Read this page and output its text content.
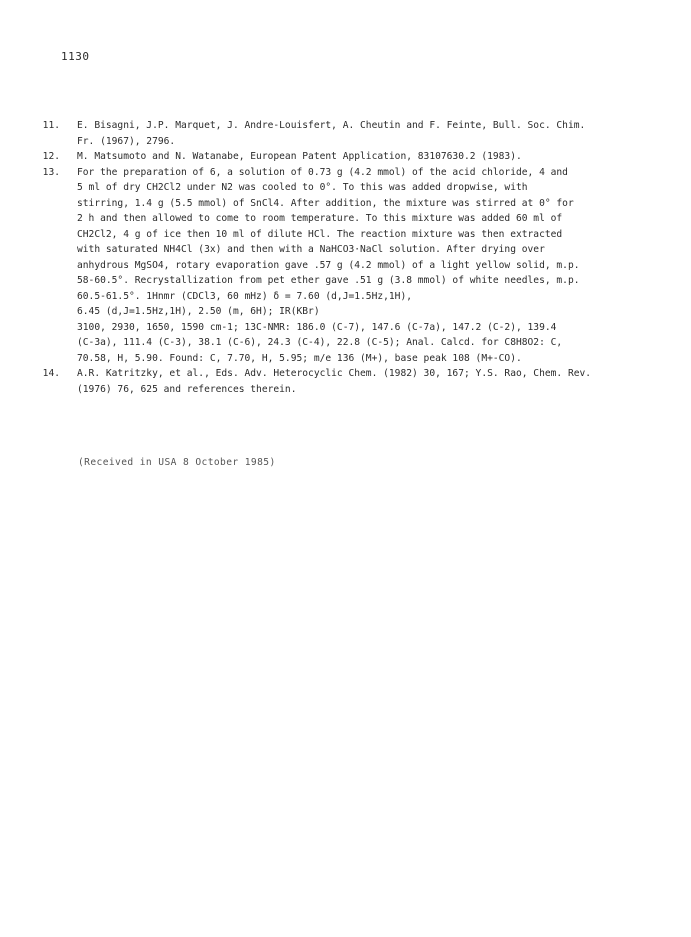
1130
11. E. Bisagni, J.P. Marquet, J. Andre-Louisfert, A. Cheutin and F. Feinte, Bull. Soc. Chim.
Fr. (1967), 2796.
12. M. Matsumoto and N. Watanabe, European Patent Application, 83107630.2 (1983).
13. For the preparation of 6, a solution of 0.73 g (4.2 mmol) of the acid chloride, 4 and
5 ml of dry CH2Cl2 under N2 was cooled to 0°. To this was added dropwise, with
stirring, 1.4 g (5.5 mmol) of SnCl4. After addition, the mixture was stirred at 0° for
2 h and then allowed to come to room temperature. To this mixture was added 60 ml of
CH2Cl2, 4 g of ice then 10 ml of dilute HCl. The reaction mixture was then extracted
with saturated NH4Cl (3x) and then with a NaHCO3·NaCl solution. After drying over
anhydrous MgSO4, rotary evaporation gave .57 g (4.2 mmol) of a light yellow solid, m.p.
58-60.5°. Recrystallization from pet ether gave .51 g (3.8 mmol) of white needles, m.p.
60.5-61.5°. 1Hnmr (CDCl3, 60 mHz) δ = 7.60 (d,J=1.5Hz,1H),
6.45 (d,J=1.5Hz,1H), 2.50 (m, 6H); IR(KBr)
3100, 2930, 1650, 1590 cm-1; 13C-NMR: 186.0 (C-7), 147.6 (C-7a), 147.2 (C-2), 139.4
(C-3a), 111.4 (C-3), 38.1 (C-6), 24.3 (C-4), 22.8 (C-5); Anal. Calcd. for C8H8O2: C,
70.58, H, 5.90. Found: C, 7.70, H, 5.95; m/e 136 (M+), base peak 108 (M+-CO).
14. A.R. Katritzky, et al., Eds. Adv. Heterocyclic Chem. (1982) 30, 167; Y.S. Rao, Chem. Rev.
(1976) 76, 625 and references therein.
(Received in USA 8 October 1985)
